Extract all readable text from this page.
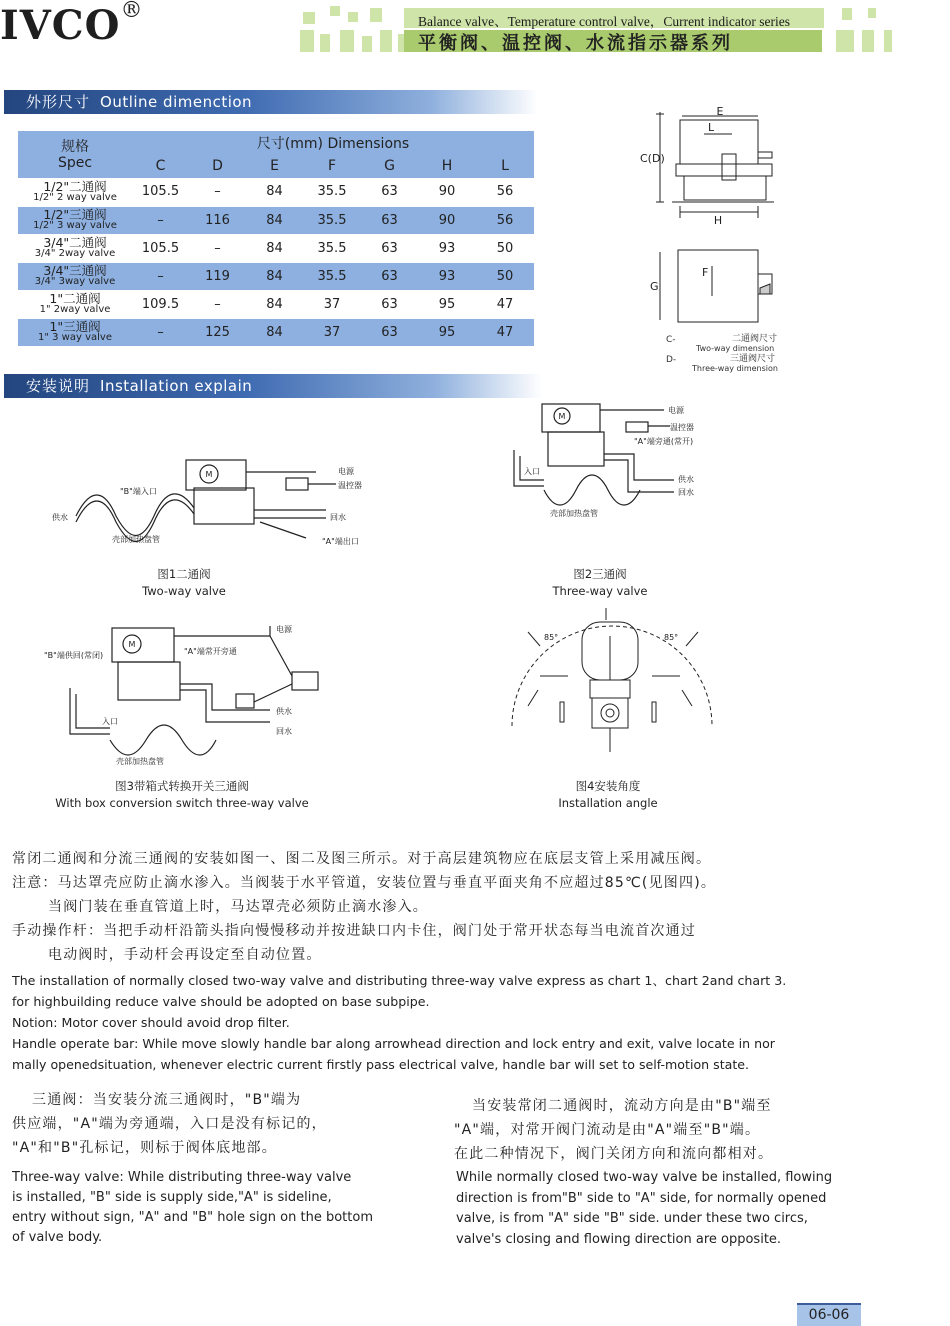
IVCO®	Balance valve、Temperature control valve，Current indicator series
平衡阀、温控阀、水流指示器系列
外形尺寸 Outline dimenction
规格
Spec	尺寸(mm) Dimensions						
	C	D	E	F	G	H	L

1/2"二通阀
1/2" 2 way valve	105.5	–	84	35.5	63	90	56

1/2"三通阀
1/2" 3 way valve	–	116	84	35.5	63	90	56

3/4"二通阀
3/4" 2way valve	105.5	–	84	35.5	63	93	50

3/4"三通阀
3/4" 3way valve	–	119	84	35.5	63	93	50

1"二通阀
1" 2way valve	109.5	–	84	37	63	95	47

1"三通阀
1" 3 way valve	–	125	84	37	63	95	47
E
L
C(D)
H
F
G
C-	二通阀尺寸
Two-way dimension
D-	三通阀尺寸
Three-way dimension
安装说明 Installation explain
M	电源
温控器
"B"端入口
供水	回水
"A"端出口
壳部加热盘管
图1二通阀
Two-way valve
M
电源
温控器
"A"端旁通(常开)
入口
供水
回水
壳部加热盘管
图2三通阀
Three-way valve
M
电源
"B"端供回(常闭)	"A"端常开旁通
入口
供水
回水
壳部加热盘管
图3带箱式转换开关三通阀
With box conversion switch three-way valve
85°	85°
图4安装角度
Installation angle
常闭二通阀和分流三通阀的安装如图一、图二及图三所示。对于高层建筑物应在底层支管上采用减压阀。
注意：马达罩壳应防止滴水渗入。当阀装于水平管道，安装位置与垂直平面夹角不应超过85℃(见图四)。
当阀门装在垂直管道上时，马达罩壳必须防止滴水渗入。
手动操作杆：当把手动杆沿箭头指向慢慢移动并按进缺口内卡住，阀门处于常开状态每当电流首次通过
电动阀时，手动杆会再设定至自动位置。
The installation of normally closed two-way valve and distributing three-way valve express as chart 1、chart 2and chart 3.
for highbuilding reduce valve should be adopted on base subpipe.
Notion: Motor cover should avoid drop filter.
Handle operate bar: While move slowly handle bar along arrowhead direction and lock entry and exit, valve locate in nor
mally openedsituation, whenever electric current firstly pass electrical valve, handle bar will set to self-motion state.
三通阀：当安装分流三通阀时，"B"端为
供应端，"A"端为旁通端，入口是没有标记的，
"A"和"B"孔标记，则标于阀体底地部。
Three-way valve: While distributing three-way valve
is installed, "B" side is supply side,"A" is sideline,
entry without sign, "A" and "B" hole sign on the bottom
of valve body.
当安装常闭二通阀时，流动方向是由"B"端至
"A"端，对常开阀门流动是由"A"端至"B"端。
在此二种情况下，阀门关闭方向和流向都相对。
While normally closed two-way valve be installed, flowing
direction is from"B" side to "A" side, for normally opened
valve, is from "A" side "B" side. under these two circs,
valve's closing and flowing direction are opposite.
06-06
